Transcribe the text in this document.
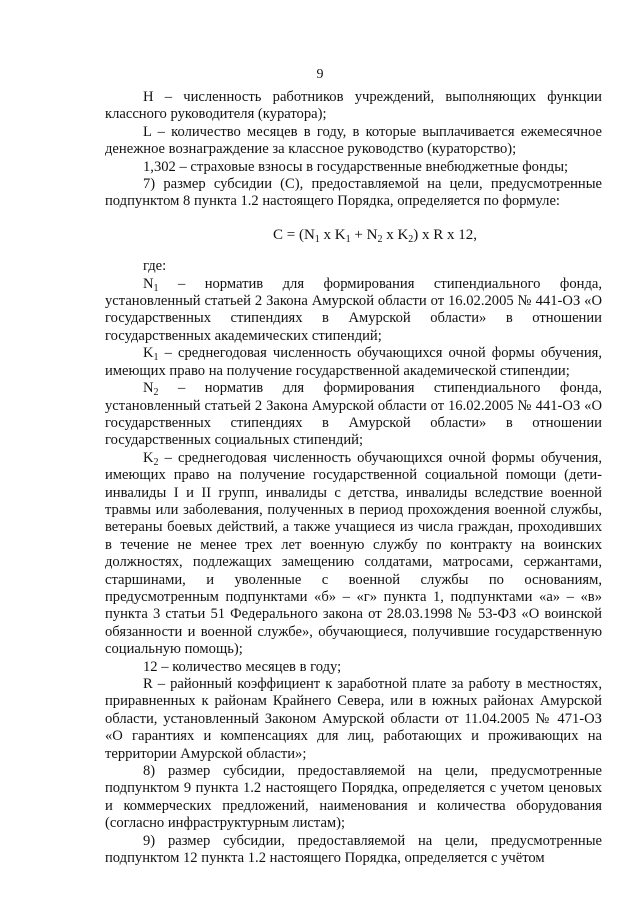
9

H – численность работников учреждений, выполняющих функции классного руководителя (куратора);

L – количество месяцев в году, в которые выплачивается ежемесячное денежное вознаграждение за классное руководство (кураторство);

1,302 – страховые взносы в государственные внебюджетные фонды;

7) размер субсидии (C), предоставляемой на цели, предусмотренные подпунктом 8 пункта 1.2 настоящего Порядка, определяется по формуле:

$C = (N_1$ x $K_1 + N_2$ x $K_2$) x R x 12,

где:

$N_1$ – норматив для формирования стипендиального фонда, установленный статьей 2 Закона Амурской области от 16.02.2005 № 441-ОЗ «О государственных стипендиях в Амурской области» в отношении государственных академических стипендий;

$K_1$ – среднегодовая численность обучающихся очной формы обучения, имеющих право на получение государственной академической стипендии;

$N_2$ – норматив для формирования стипендиального фонда, установленный статьей 2 Закона Амурской области от 16.02.2005 № 441-ОЗ «О государственных стипендиях в Амурской области» в отношении государственных социальных стипендий;

$K_2$ – среднегодовая численность обучающихся очной формы обучения, имеющих право на получение государственной социальной помощи (дети-инвалиды I и II групп, инвалиды с детства, инвалиды вследствие военной травмы или заболевания, полученных в период прохождения военной службы, ветераны боевых действий, а также учащиеся из числа граждан, проходивших в течение не менее трех лет военную службу по контракту на воинских должностях, подлежащих замещению солдатами, матросами, сержантами, старшинами, и уволенные с военной службы по основаниям, предусмотренным подпунктами «б» – «г» пункта 1, подпунктами «а» – «в» пункта 3 статьи 51 Федерального закона от 28.03.1998 № 53-ФЗ «О воинской обязанности и военной службе», обучающиеся, получившие государственную социальную помощь);

12 – количество месяцев в году;

R – районный коэффициент к заработной плате за работу в местностях, приравненных к районам Крайнего Севера, или в южных районах Амурской области, установленный Законом Амурской области от 11.04.2005 № 471-ОЗ «О гарантиях и компенсациях для лиц, работающих и проживающих на территории Амурской области»;

8) размер субсидии, предоставляемой на цели, предусмотренные подпунктом 9 пункта 1.2 настоящего Порядка, определяется с учетом ценовых и коммерческих предложений, наименования и количества оборудования (согласно инфраструктурным листам);

9) размер субсидии, предоставляемой на цели, предусмотренные подпунктом 12 пункта 1.2 настоящего Порядка, определяется с учётом
